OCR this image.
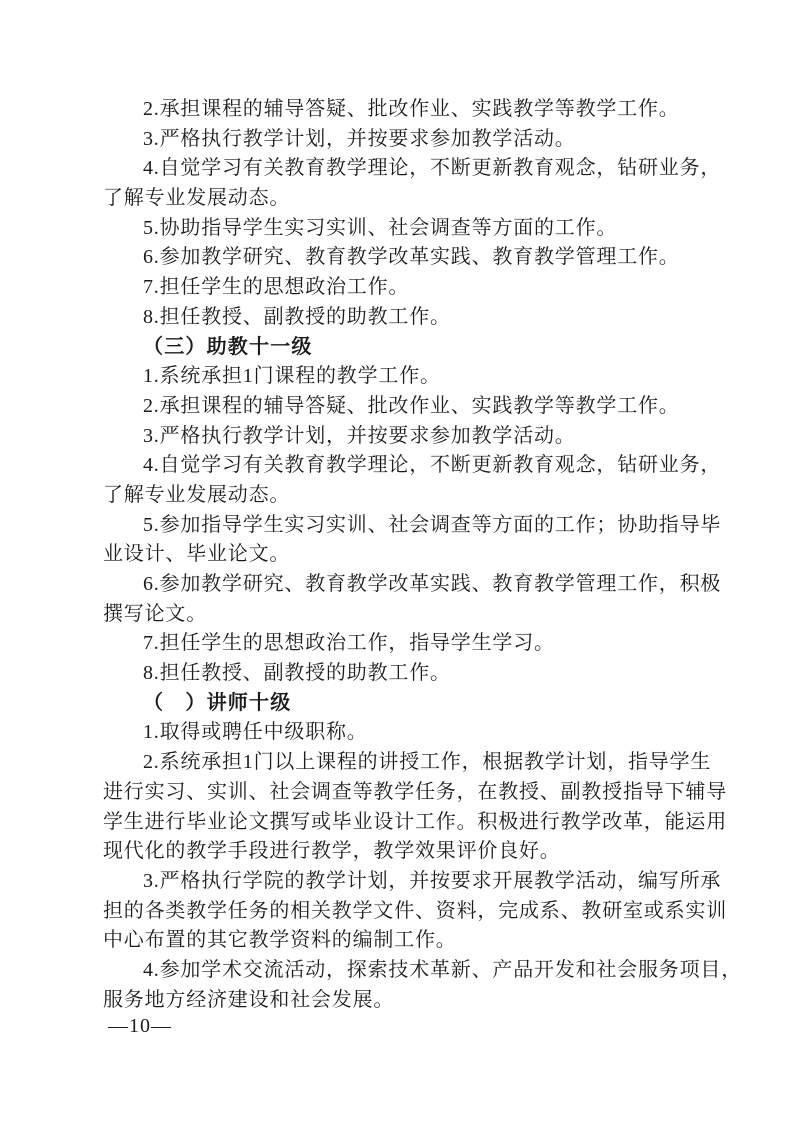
2.承担课程的辅导答疑、批改作业、实践教学等教学工作。
3.严格执行教学计划，并按要求参加教学活动。
4.自觉学习有关教育教学理论，不断更新教育观念，钻研业务，
了解专业发展动态。
5.协助指导学生实习实训、社会调查等方面的工作。
6.参加教学研究、教育教学改革实践、教育教学管理工作。
7.担任学生的思想政治工作。
8.担任教授、副教授的助教工作。
（三）助教十一级
1.系统承担1门课程的教学工作。
2.承担课程的辅导答疑、批改作业、实践教学等教学工作。
3.严格执行教学计划，并按要求参加教学活动。
4.自觉学习有关教育教学理论，不断更新教育观念，钻研业务，
了解专业发展动态。
5.参加指导学生实习实训、社会调查等方面的工作；协助指导毕
业设计、毕业论文。
6.参加教学研究、教育教学改革实践、教育教学管理工作，积极
撰写论文。
7.担任学生的思想政治工作，指导学生学习。
8.担任教授、副教授的助教工作。
（　）讲师十级
1.取得或聘任中级职称。
2.系统承担1门以上课程的讲授工作，根据教学计划，指导学生
进行实习、实训、社会调查等教学任务，在教授、副教授指导下辅导
学生进行毕业论文撰写或毕业设计工作。积极进行教学改革，能运用
现代化的教学手段进行教学，教学效果评价良好。
3.严格执行学院的教学计划，并按要求开展教学活动，编写所承
担的各类教学任务的相关教学文件、资料，完成系、教研室或系实训
中心布置的其它教学资料的编制工作。
4.参加学术交流活动，探索技术革新、产品开发和社会服务项目，
服务地方经济建设和社会发展。
—10—
